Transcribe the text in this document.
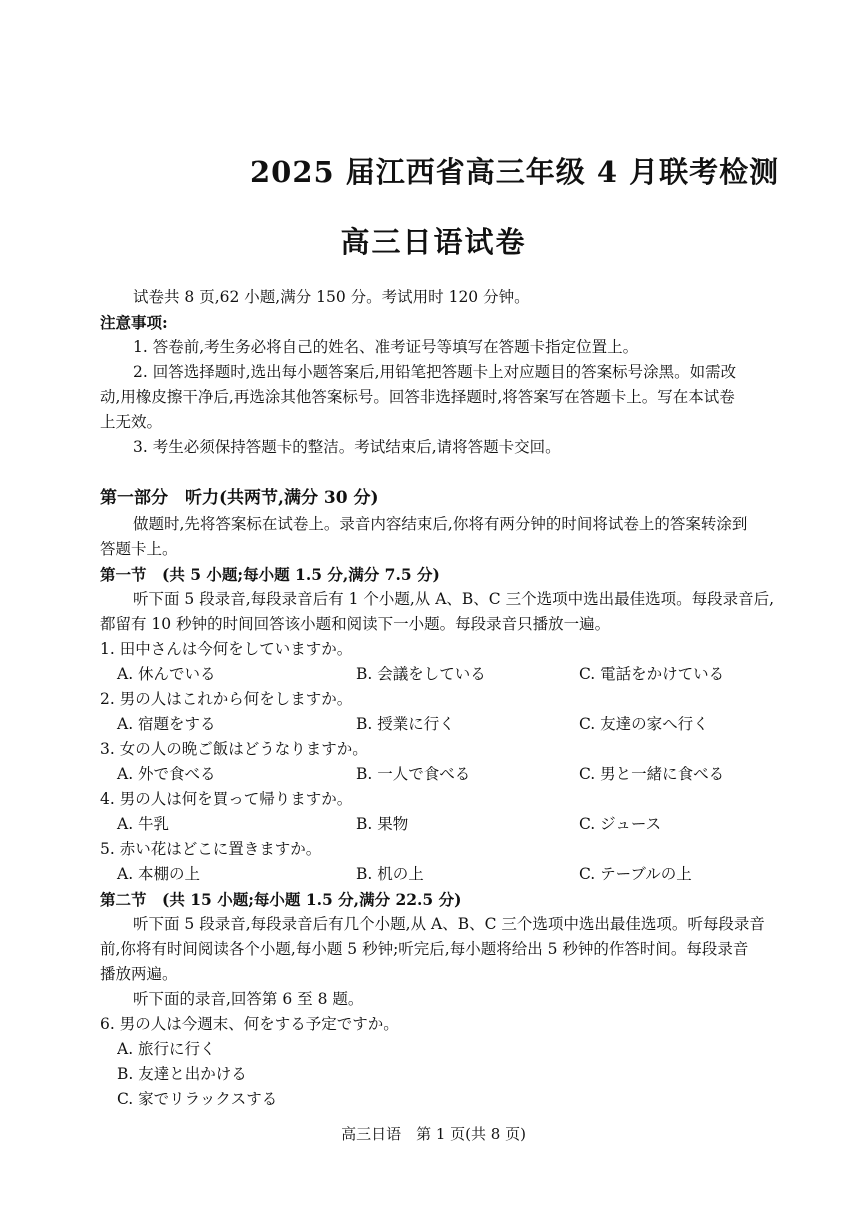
2025 届江西省高三年级 4 月联考检测
高三日语试卷
试卷共 8 页,62 小题,满分 150 分。考试用时 120 分钟。
注意事项:
1. 答卷前,考生务必将自己的姓名、准考证号等填写在答题卡指定位置上。
2. 回答选择题时,选出每小题答案后,用铅笔把答题卡上对应题目的答案标号涂黑。如需改
动,用橡皮擦干净后,再选涂其他答案标号。回答非选择题时,将答案写在答题卡上。写在本试卷
上无效。
3. 考生必须保持答题卡的整洁。考试结束后,请将答题卡交回。
第一部分　听力(共两节,满分 30 分)
做题时,先将答案标在试卷上。录音内容结束后,你将有两分钟的时间将试卷上的答案转涂到
答题卡上。
第一节　(共 5 小题;每小题 1.5 分,满分 7.5 分)
听下面 5 段录音,每段录音后有 1 个小题,从 A、B、C 三个选项中选出最佳选项。每段录音后,
都留有 10 秒钟的时间回答该小题和阅读下一小题。每段录音只播放一遍。
1. 田中さんは今何をしていますか。
A. 休んでいる	B. 会議をしている	C. 電話をかけている
2. 男の人はこれから何をしますか。
A. 宿題をする	B. 授業に行く	C. 友達の家へ行く
3. 女の人の晩ご飯はどうなりますか。
A. 外で食べる	B. 一人で食べる	C. 男と一緒に食べる
4. 男の人は何を買って帰りますか。
A. 牛乳	B. 果物	C. ジュース
5. 赤い花はどこに置きますか。
A. 本棚の上	B. 机の上	C. テーブルの上
第二节　(共 15 小题;每小题 1.5 分,满分 22.5 分)
听下面 5 段录音,每段录音后有几个小题,从 A、B、C 三个选项中选出最佳选项。听每段录音
前,你将有时间阅读各个小题,每小题 5 秒钟;听完后,每小题将给出 5 秒钟的作答时间。每段录音
播放两遍。
听下面的录音,回答第 6 至 8 题。
6. 男の人は今週末、何をする予定ですか。
A. 旅行に行く
B. 友達と出かける
C. 家でリラックスする
高三日语　第 1 页(共 8 页)
